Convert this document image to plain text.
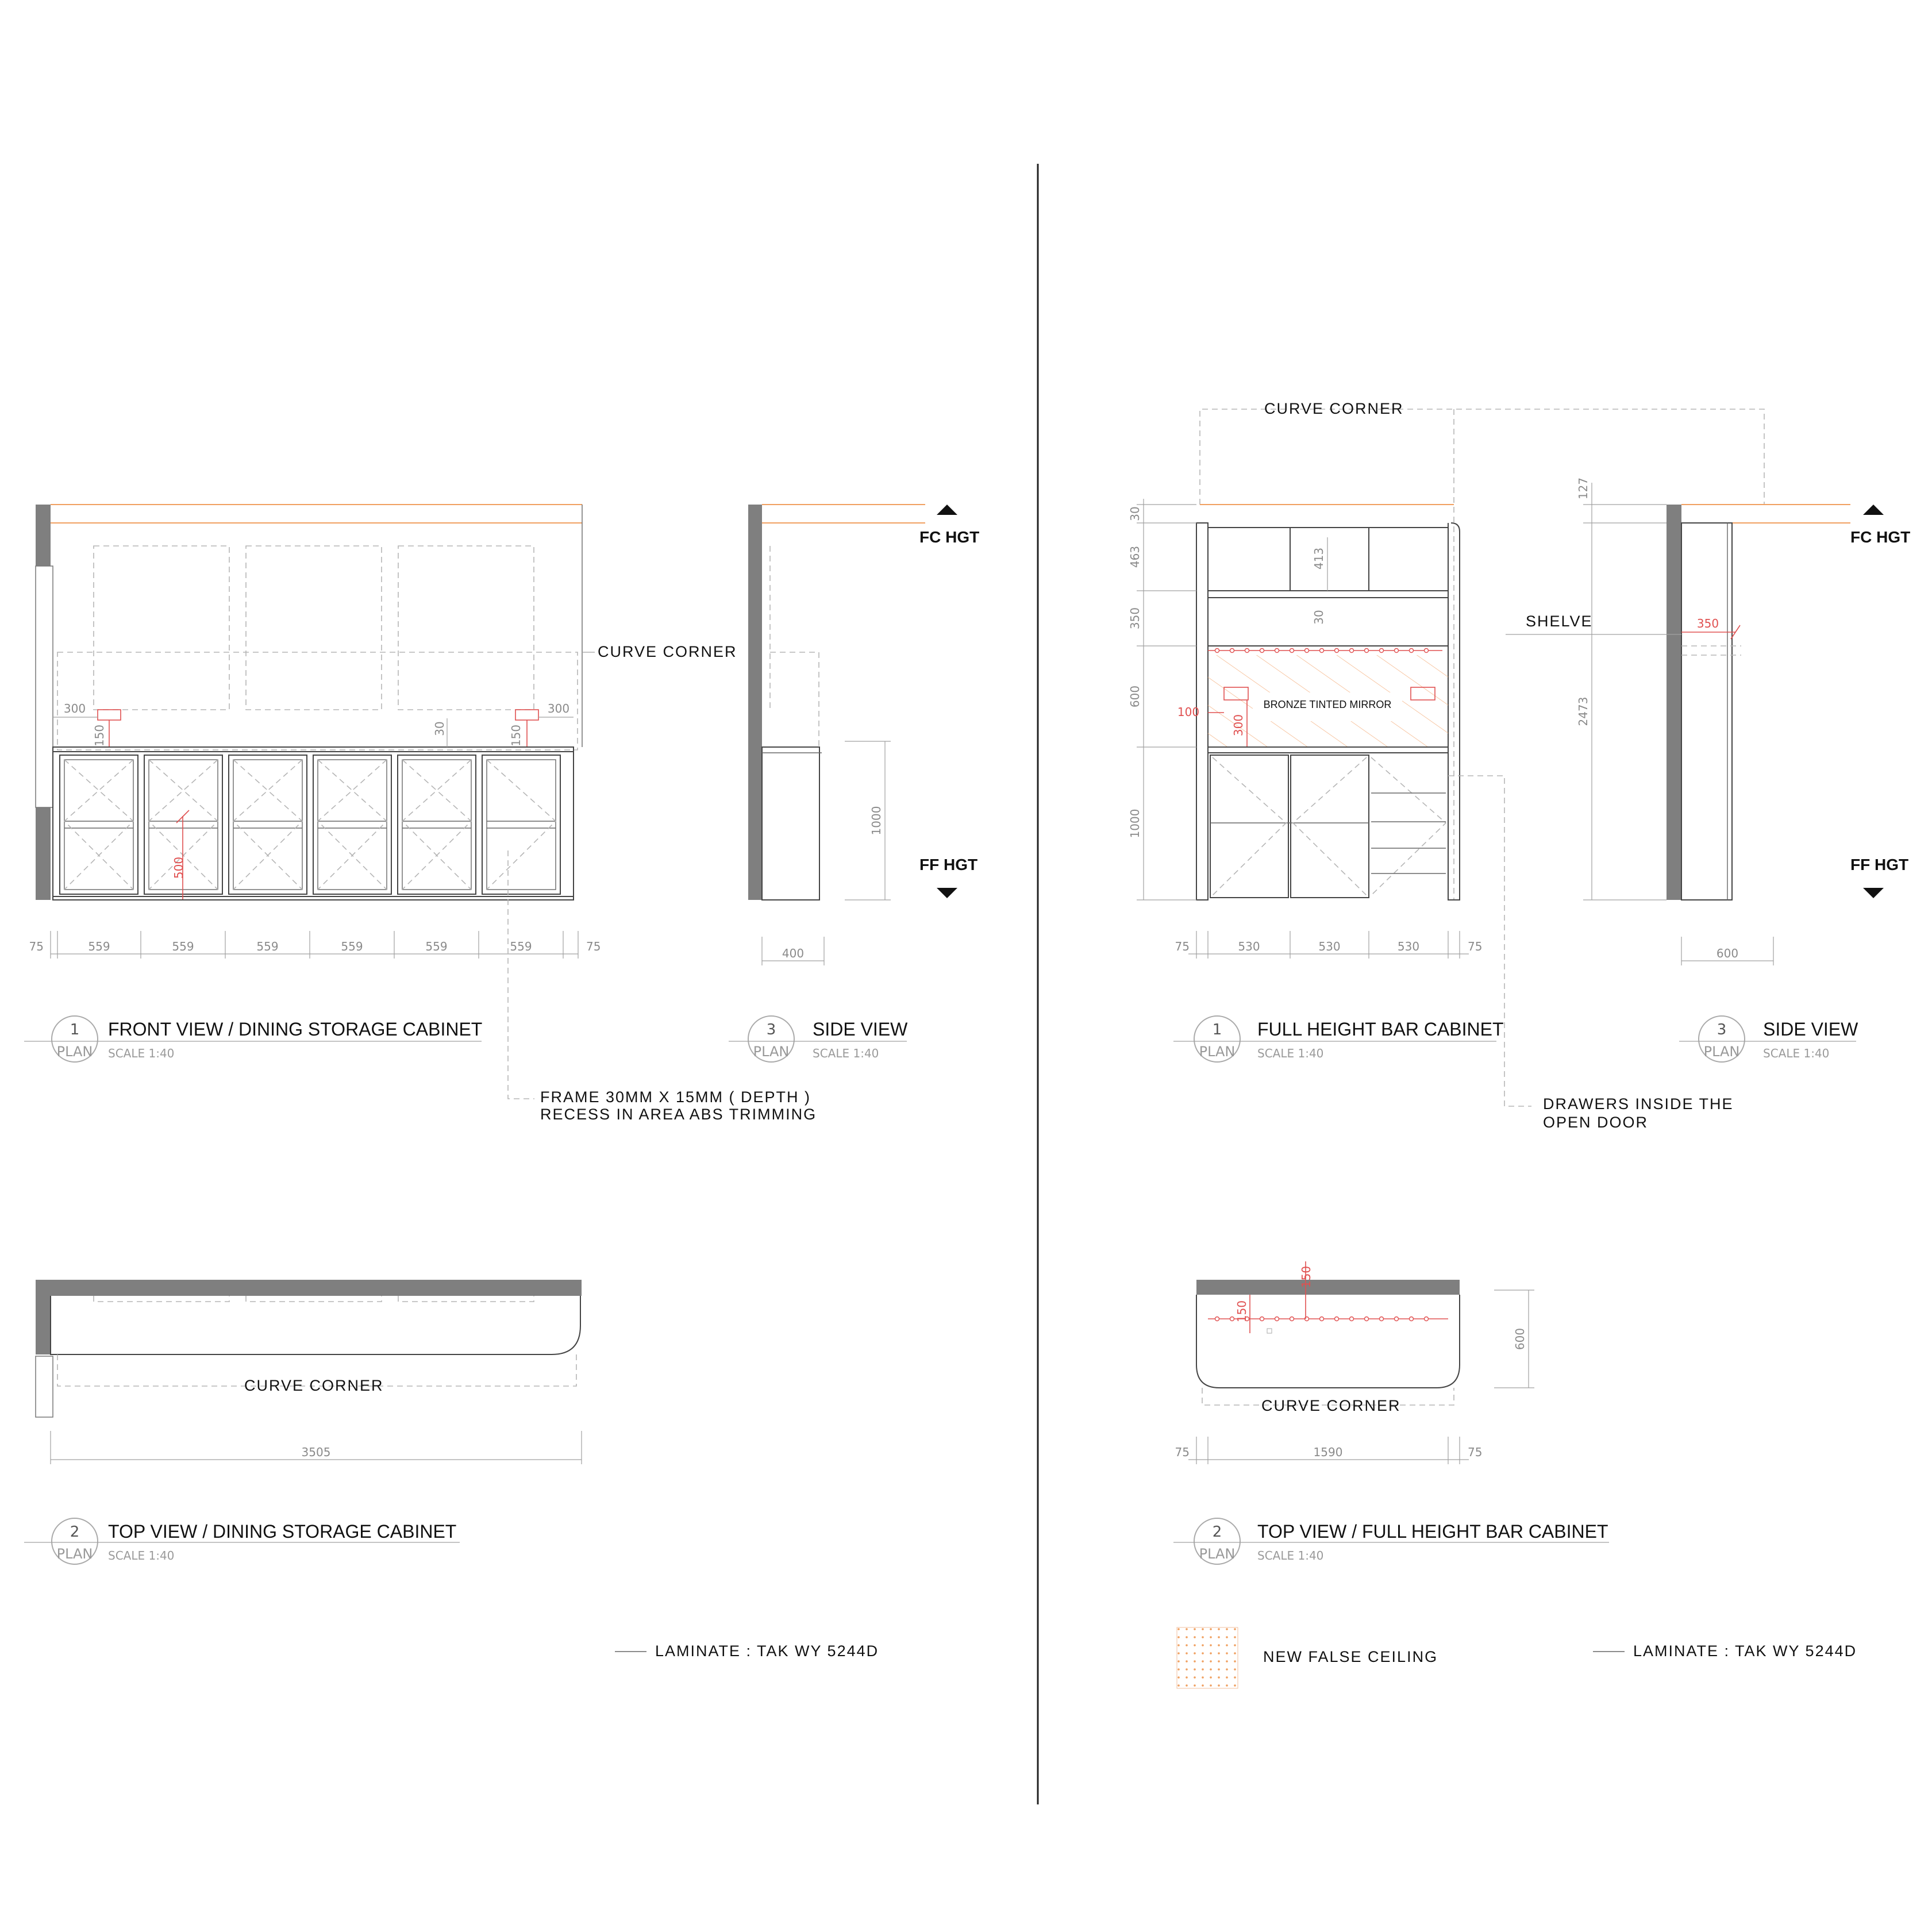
500
300	300
150	150
30
CURVE CORNER
75	559	559	559	559	559	559	75
FRAME 30MM X 15MM ( DEPTH )
RECESS IN AREA ABS TRIMMING
1000
400
FC HGT
FF HGT
1
PLAN
FRONT VIEW / DINING STORAGE CABINET
SCALE 1:40
3
PLAN
SIDE VIEW
SCALE 1:40
CURVE CORNER
3505
2
PLAN
TOP VIEW / DINING STORAGE CABINET
SCALE 1:40
LAMINATE : TAK WY 5244D
CURVE CORNER
413
30
BRONZE TINTED MIRROR
100
300
DRAWERS INSIDE THE
OPEN DOOR
30
463
350
600
1000
75	530	530	530	75
350
SHELVE
127
2473
600
FC HGT
FF HGT
1
PLAN
FULL HEIGHT BAR CABINET
SCALE 1:40
3
PLAN
SIDE VIEW
SCALE 1:40
150
150
CURVE CORNER
600
75	1590	75
2
PLAN
TOP VIEW / FULL HEIGHT BAR CABINET
SCALE 1:40
NEW FALSE CEILING	LAMINATE : TAK WY 5244D
